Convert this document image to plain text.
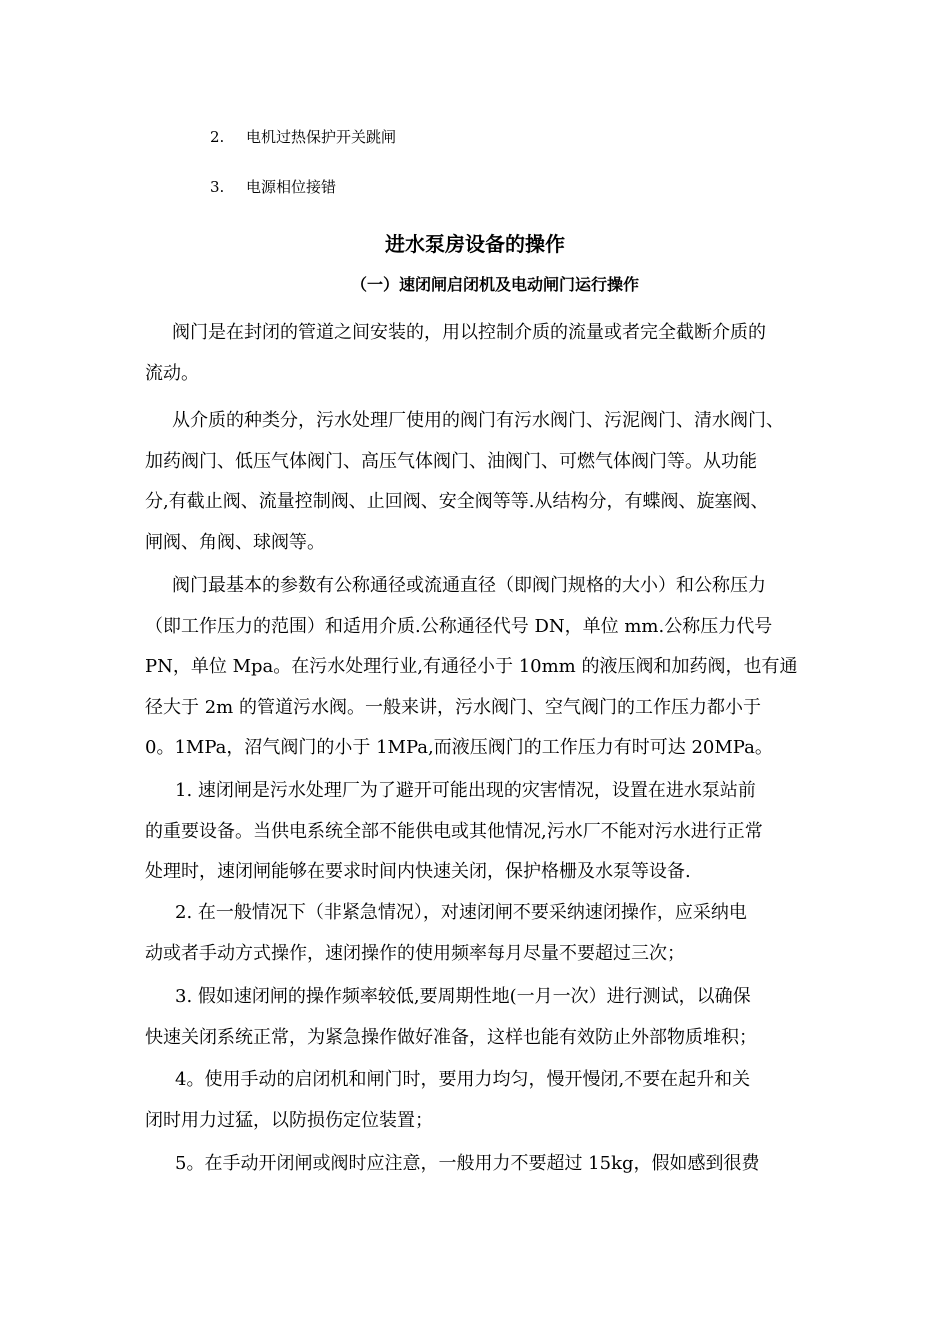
2. 电机过热保护开关跳闸
3. 电源相位接错
进水泵房设备的操作
（一）速闭闸启闭机及电动闸门运行操作
阀门是在封闭的管道之间安装的，用以控制介质的流量或者完全截断介质的
流动。
从介质的种类分，污水处理厂使用的阀门有污水阀门、污泥阀门、清水阀门、
加药阀门、低压气体阀门、高压气体阀门、油阀门、可燃气体阀门等。从功能
分,有截止阀、流量控制阀、止回阀、安全阀等等.从结构分，有蝶阀、旋塞阀、
闸阀、角阀、球阀等。
阀门最基本的参数有公称通径或流通直径（即阀门规格的大小）和公称压力
（即工作压力的范围）和适用介质.公称通径代号 DN，单位 mm.公称压力代号
PN，单位 Mpa。在污水处理行业,有通径小于 10mm 的液压阀和加药阀，也有通
径大于 2m 的管道污水阀。一般来讲，污水阀门、空气阀门的工作压力都小于
0。1MPa，沼气阀门的小于 1MPa,而液压阀门的工作压力有时可达 20MPa。
1. 速闭闸是污水处理厂为了避开可能出现的灾害情况，设置在进水泵站前
的重要设备。当供电系统全部不能供电或其他情况,污水厂不能对污水进行正常
处理时，速闭闸能够在要求时间内快速关闭，保护格栅及水泵等设备.
2. 在一般情况下（非紧急情况），对速闭闸不要采纳速闭操作，应采纳电
动或者手动方式操作，速闭操作的使用频率每月尽量不要超过三次；
3. 假如速闭闸的操作频率较低,要周期性地(一月一次）进行测试，以确保
快速关闭系统正常，为紧急操作做好准备，这样也能有效防止外部物质堆积；
4。使用手动的启闭机和闸门时，要用力均匀，慢开慢闭,不要在起升和关
闭时用力过猛，以防损伤定位装置；
5。在手动开闭闸或阀时应注意，一般用力不要超过 15kg，假如感到很费
